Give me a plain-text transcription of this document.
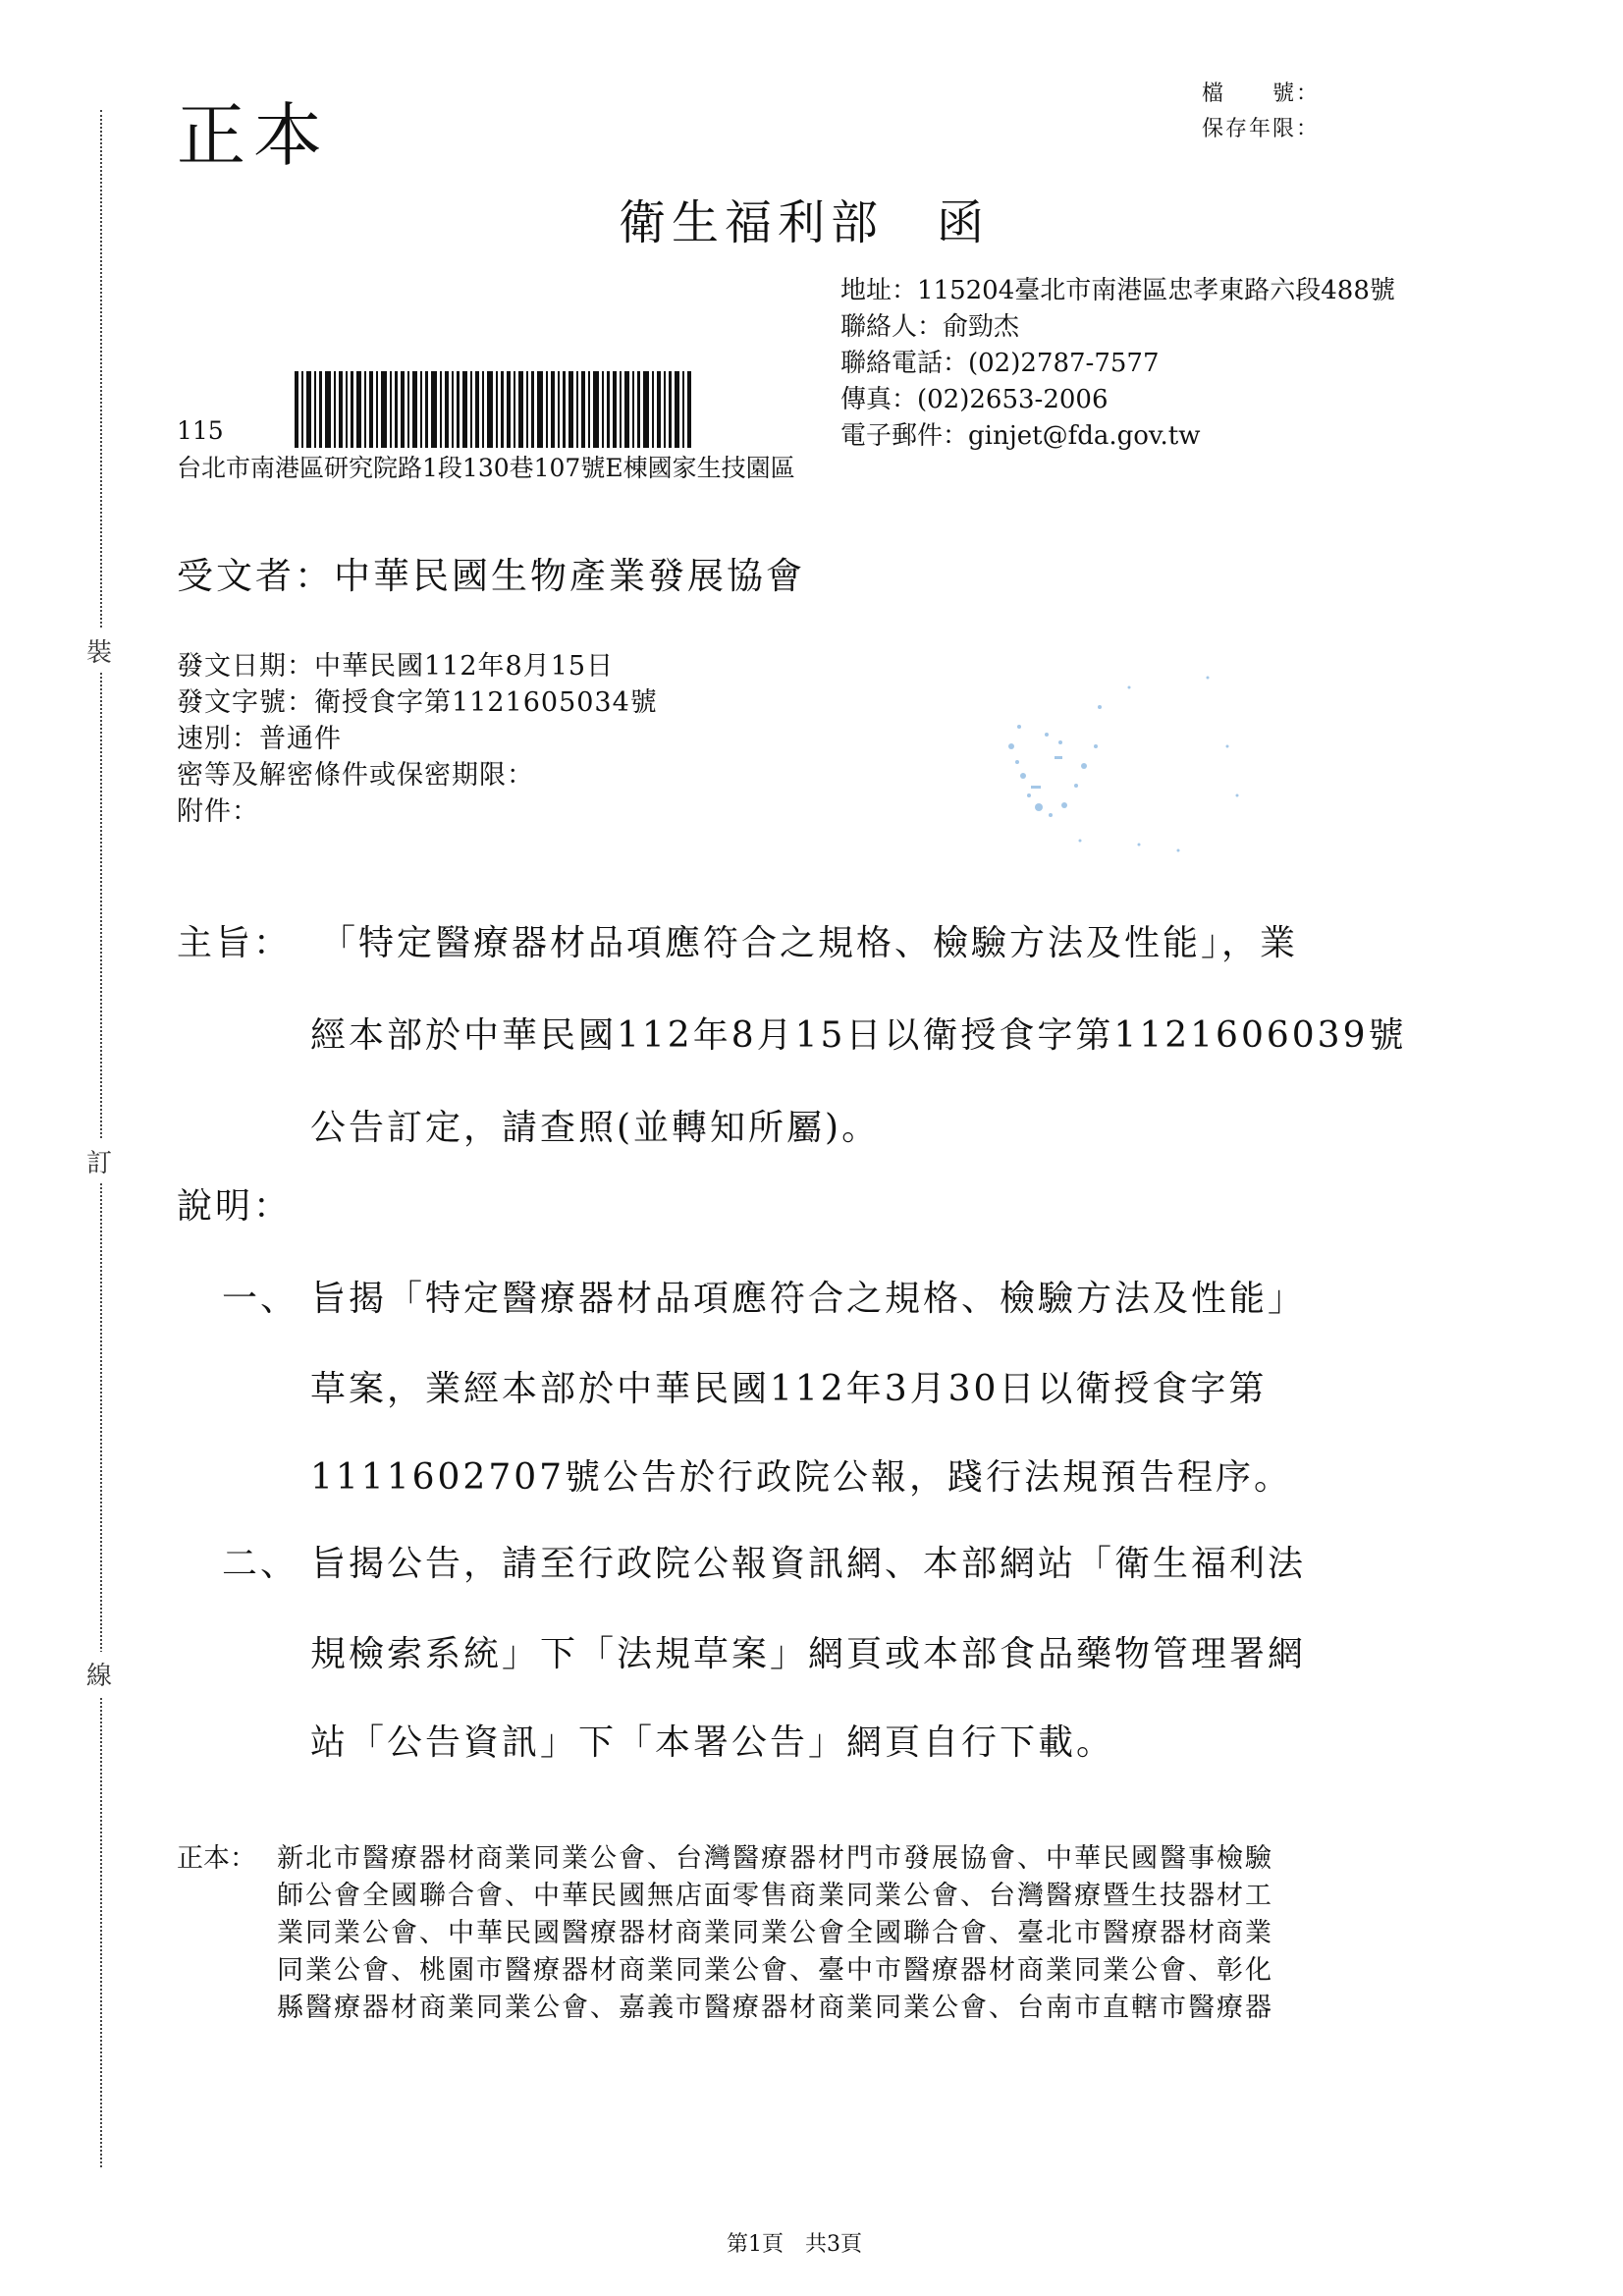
裝
訂
線
正本
檔　　號：
保存年限：
衛生福利部　函
地址：115204臺北市南港區忠孝東路六段488號
聯絡人：俞勁杰
聯絡電話：(02)2787-7577
傳真：(02)2653-2006
電子郵件：ginjet@fda.gov.tw
115
台北市南港區研究院路1段130巷107號E棟國家生技園區
受文者：中華民國生物產業發展協會
發文日期：中華民國112年8月15日
發文字號：衛授食字第1121605034號
速別：普通件
密等及解密條件或保密期限：
附件：
主旨： 「特定醫療器材品項應符合之規格、檢驗方法及性能」，業
經本部於中華民國112年8月15日以衛授食字第1121606039號
公告訂定，請查照(並轉知所屬)。
說明：
一、 旨揭「特定醫療器材品項應符合之規格、檢驗方法及性能」
草案，業經本部於中華民國112年3月30日以衛授食字第
1111602707號公告於行政院公報，踐行法規預告程序。
二、 旨揭公告，請至行政院公報資訊網、本部網站「衛生福利法
規檢索系統」下「法規草案」網頁或本部食品藥物管理署網
站「公告資訊」下「本署公告」網頁自行下載。
正本： 新北市醫療器材商業同業公會、台灣醫療器材門市發展協會、中華民國醫事檢驗
師公會全國聯合會、中華民國無店面零售商業同業公會、台灣醫療暨生技器材工
業同業公會、中華民國醫療器材商業同業公會全國聯合會、臺北市醫療器材商業
同業公會、桃園市醫療器材商業同業公會、臺中市醫療器材商業同業公會、彰化
縣醫療器材商業同業公會、嘉義市醫療器材商業同業公會、台南市直轄市醫療器
第1頁　共3頁
